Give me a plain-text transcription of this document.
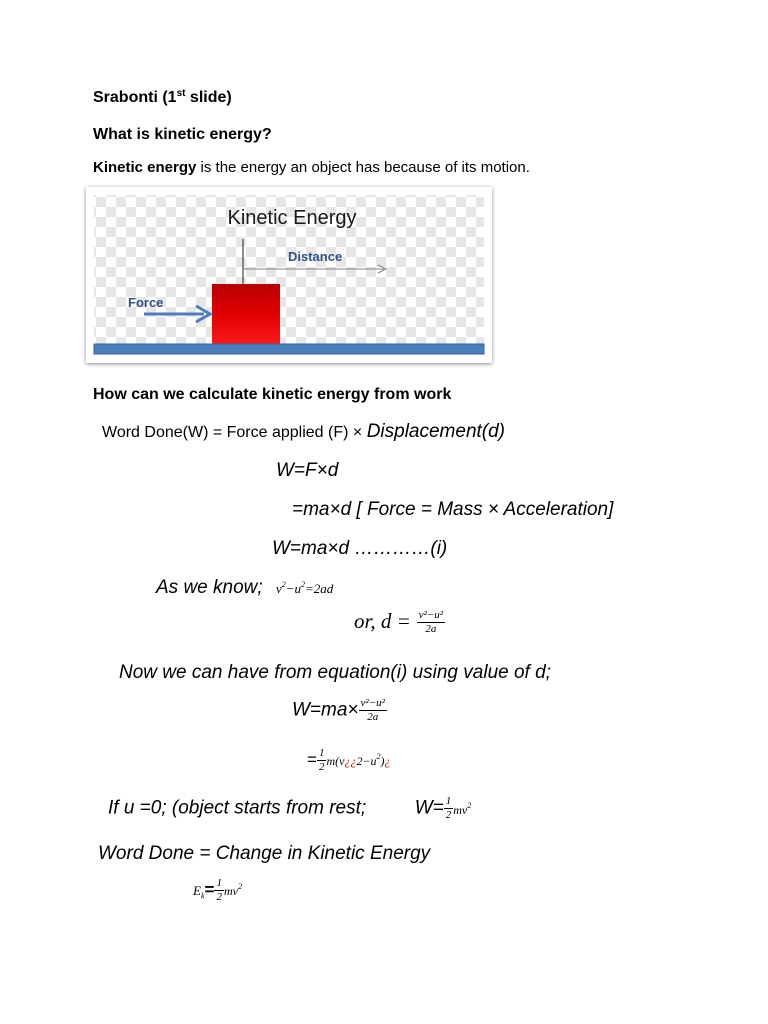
Srabonti (1st slide)
What is kinetic energy?
Kinetic energy is the energy an object has because of its motion.
Kinetic Energy
Distance
Force
How can we calculate kinetic energy from work
Word Done(W) = Force applied (F) × Displacement(d)
W=F×d
=ma×d [ Force = Mass × Acceleration]
W=ma×d …………(i)
As we know; $v^2-u^2=2ad$
or, $d = \frac{\text{v²−u²}}{2a}$
Now we can have from equation(i) using value of d;
$W=ma\times \frac{\text{v²−u²}}{2a}$
= $\frac{1}{2}$ $m(v¿¿2-u^2)¿$
If u =0; (object starts from rest;	$W= \frac{1}{2} mv^2$
Word Done = Change in Kinetic Energy
$E_k= \frac{1}{2} mv^2$
